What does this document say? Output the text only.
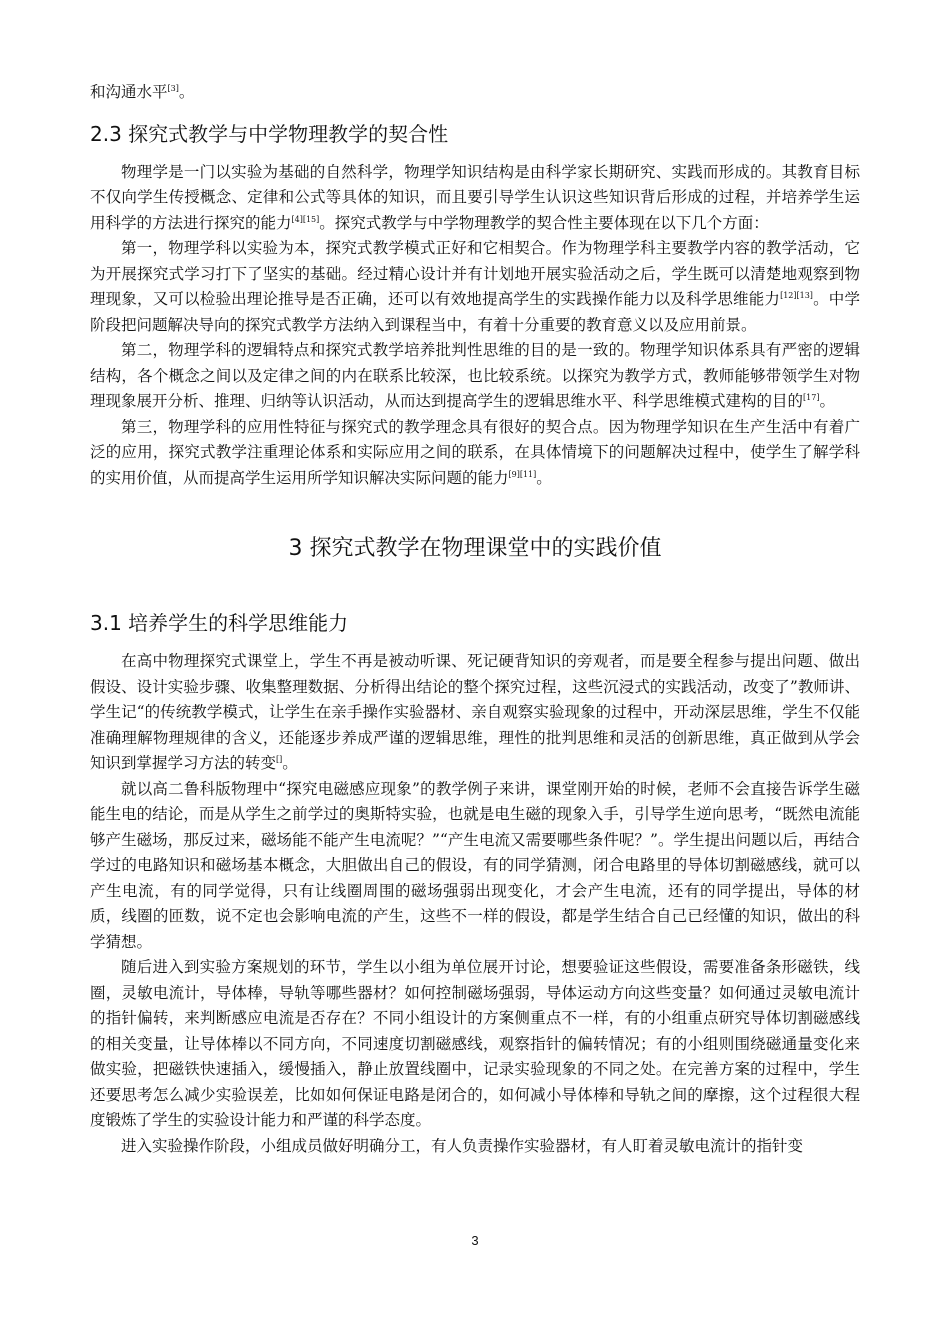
和沟通水平[3]。

2.3 探究式教学与中学物理教学的契合性

物理学是一门以实验为基础的自然科学，物理学知识结构是由科学家长期研究、实践而形成的。其教育目标不仅向学生传授概念、定律和公式等具体的知识，而且要引导学生认识这些知识背后形成的过程，并培养学生运用科学的方法进行探究的能力[4][15]。探究式教学与中学物理教学的契合性主要体现在以下几个方面：

第一，物理学科以实验为本，探究式教学模式正好和它相契合。作为物理学科主要教学内容的教学活动，它为开展探究式学习打下了坚实的基础。经过精心设计并有计划地开展实验活动之后，学生既可以清楚地观察到物理现象，又可以检验出理论推导是否正确，还可以有效地提高学生的实践操作能力以及科学思维能力[12][13]。中学阶段把问题解决导向的探究式教学方法纳入到课程当中，有着十分重要的教育意义以及应用前景。

第二，物理学科的逻辑特点和探究式教学培养批判性思维的目的是一致的。物理学知识体系具有严密的逻辑结构，各个概念之间以及定律之间的内在联系比较深，也比较系统。以探究为教学方式，教师能够带领学生对物理现象展开分析、推理、归纳等认识活动，从而达到提高学生的逻辑思维水平、科学思维模式建构的目的[17]。

第三，物理学科的应用性特征与探究式的教学理念具有很好的契合点。因为物理学知识在生产生活中有着广泛的应用，探究式教学注重理论体系和实际应用之间的联系，在具体情境下的问题解决过程中，使学生了解学科的实用价值，从而提高学生运用所学知识解决实际问题的能力[9][11]。

3 探究式教学在物理课堂中的实践价值
3.1 培养学生的科学思维能力

在高中物理探究式课堂上，学生不再是被动听课、死记硬背知识的旁观者，而是要全程参与提出问题、做出假设、设计实验步骤、收集整理数据、分析得出结论的整个探究过程，这些沉浸式的实践活动，改变了”教师讲、学生记“的传统教学模式，让学生在亲手操作实验器材、亲自观察实验现象的过程中，开动深层思维，学生不仅能准确理解物理规律的含义，还能逐步养成严谨的逻辑思维，理性的批判思维和灵活的创新思维，真正做到从学会知识到掌握学习方法的转变[]。

就以高二鲁科版物理中“探究电磁感应现象”的教学例子来讲，课堂刚开始的时候，老师不会直接告诉学生磁能生电的结论，而是从学生之前学过的奥斯特实验，也就是电生磁的现象入手，引导学生逆向思考，“既然电流能够产生磁场，那反过来，磁场能不能产生电流呢？”“产生电流又需要哪些条件呢？”。学生提出问题以后，再结合学过的电路知识和磁场基本概念，大胆做出自己的假设，有的同学猜测，闭合电路里的导体切割磁感线，就可以产生电流，有的同学觉得，只有让线圈周围的磁场强弱出现变化，才会产生电流，还有的同学提出，导体的材质，线圈的匝数，说不定也会影响电流的产生，这些不一样的假设，都是学生结合自己已经懂的知识，做出的科学猜想。

随后进入到实验方案规划的环节，学生以小组为单位展开讨论，想要验证这些假设，需要准备条形磁铁，线圈，灵敏电流计，导体棒，导轨等哪些器材？如何控制磁场强弱，导体运动方向这些变量？如何通过灵敏电流计的指针偏转，来判断感应电流是否存在？不同小组设计的方案侧重点不一样，有的小组重点研究导体切割磁感线的相关变量，让导体棒以不同方向，不同速度切割磁感线，观察指针的偏转情况；有的小组则围绕磁通量变化来做实验，把磁铁快速插入，缓慢插入，静止放置线圈中，记录实验现象的不同之处。在完善方案的过程中，学生还要思考怎么减少实验误差，比如如何保证电路是闭合的，如何减小导体棒和导轨之间的摩擦，这个过程很大程度锻炼了学生的实验设计能力和严谨的科学态度。

进入实验操作阶段，小组成员做好明确分工，有人负责操作实验器材，有人盯着灵敏电流计的指针变

3
